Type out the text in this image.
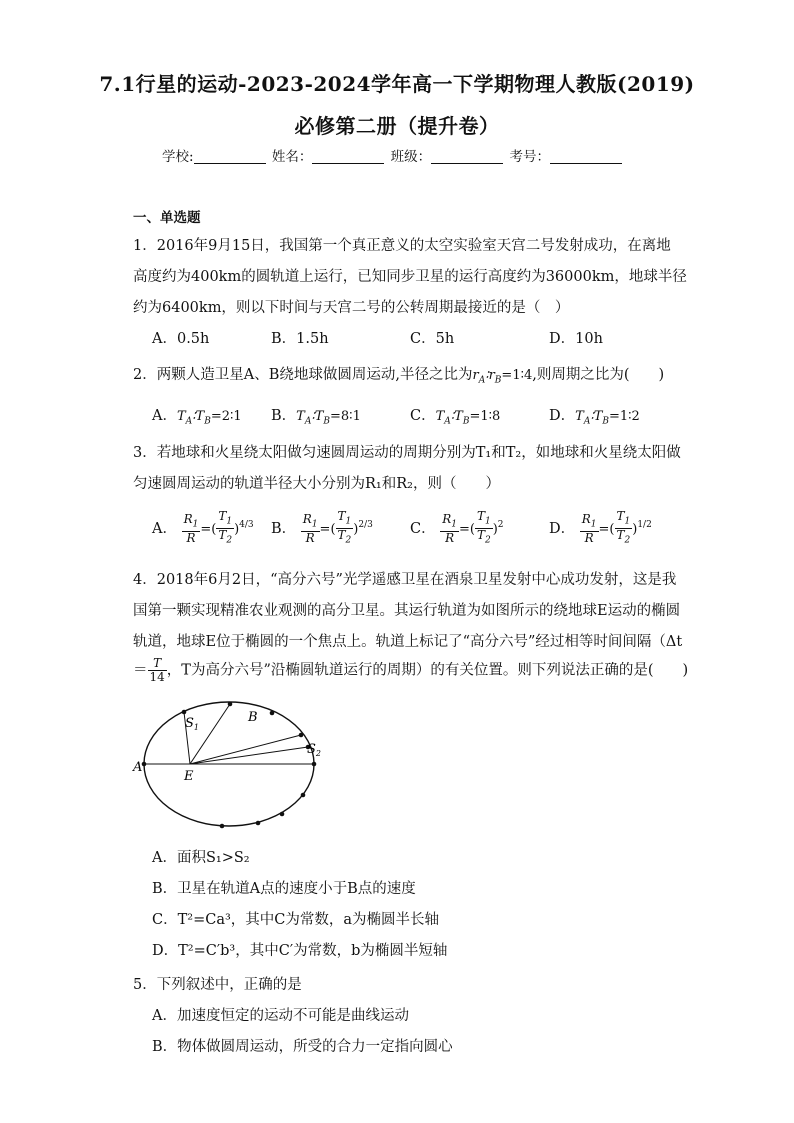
7.1行星的运动-2023-2024学年高一下学期物理人教版(2019)
必修第二册（提升卷）
学校:	姓名：	班级：	考号：
一、单选题
1．2016年9月15日，我国第一个真正意义的太空实验室天宫二号发射成功，在离地
高度约为400km的圆轨道上运行，已知同步卫星的运行高度约为36000km，地球半径
约为6400km，则以下时间与天宫二号的公转周期最接近的是（　）
A．0.5h	B．1.5h	C．5h	D．10h
2．两颗人造卫星A、B绕地球做圆周运动,半径之比为$r_A∶r_B=1∶4$,则周期之比为(　　)
A．$T_A∶T_B=2∶1$ B．$T_A∶T_B=8∶1$	C．$T_A∶T_B=1∶8$	D．$T_A∶T_B=1∶2$
3．若地球和火星绕太阳做匀速圆周运动的周期分别为T₁和T₂，如地球和火星绕太阳做
匀速圆周运动的轨道半径大小分别为R₁和R₂，则（　　）
A． $\frac{R_1}{R}$ =( $\frac{T_1}{T_2} )^{4/3}$ B． $\frac{R_1}{R}$ =( $\frac{T_1}{T_2} )^{2/3}$	C． $\frac{R_1}{R}$ =( $\frac{T_1}{T_2} )^2$	D． $\frac{R_1}{R}$ =( $\frac{T_1}{T_2} )^{1/2}$
4．2018年6月2日，“高分六号”光学遥感卫星在酒泉卫星发射中心成功发射，这是我
国第一颗实现精准农业观测的高分卫星。其运行轨道为如图所示的绕地球E运动的椭圆
轨道，地球E位于椭圆的一个焦点上。轨道上标记了“高分六号”经过相等时间间隔（Δt
＝ $\frac{T}{14}$ ，T为高分六号”沿椭圆轨道运行的周期）的有关位置。则下列说法正确的是(　　)
$S_1$
B
$S_2$
A
E
A．面积S₁>S₂
B．卫星在轨道A点的速度小于B点的速度
C．T²=Ca³，其中C为常数，a为椭圆半长轴
D．T²=C′b³，其中C′为常数，b为椭圆半短轴
5．下列叙述中，正确的是
A．加速度恒定的运动不可能是曲线运动
B．物体做圆周运动，所受的合力一定指向圆心
